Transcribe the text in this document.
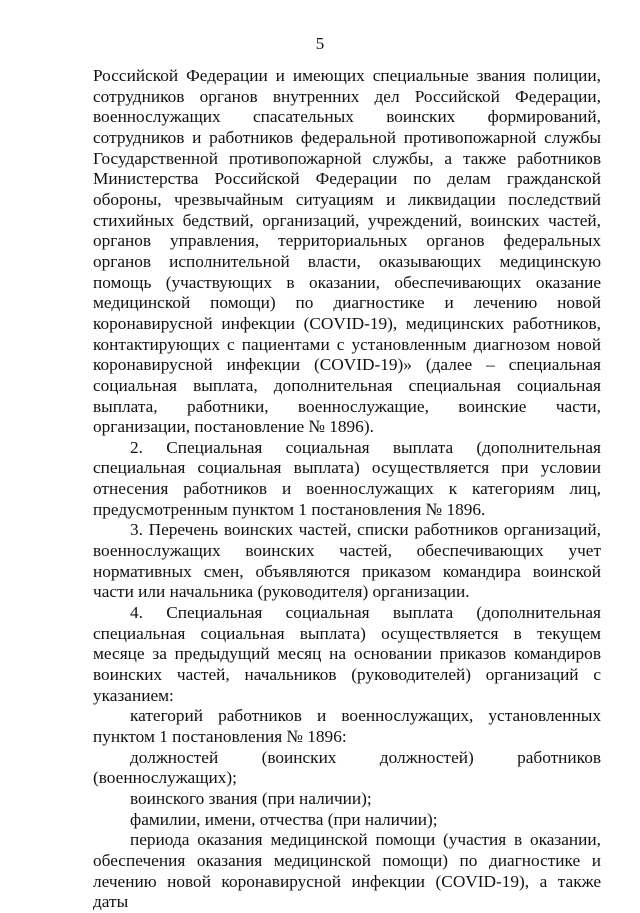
5

Российской Федерации и имеющих специальные звания полиции, сотрудников органов внутренних дел Российской Федерации, военнослужащих спасательных воинских формирований, сотрудников и работников федеральной противопожарной службы Государственной противопожарной службы, а также работников Министерства Российской Федерации по делам гражданской обороны, чрезвычайным ситуациям и ликвидации последствий стихийных бедствий, организаций, учреждений, воинских частей, органов управления, территориальных органов федеральных органов исполнительной власти, оказывающих медицинскую помощь (участвующих в оказании, обеспечивающих оказание медицинской помощи) по диагностике и лечению новой коронавирусной инфекции (COVID-19), медицинских работников, контактирующих с пациентами с установленным диагнозом новой коронавирусной инфекции (COVID-19)» (далее – специальная социальная выплата, дополнительная специальная социальная выплата, работники, военнослужащие, воинские части, организации, постановление № 1896).

2. Специальная социальная выплата (дополнительная специальная социальная выплата) осуществляется при условии отнесения работников и военнослужащих к категориям лиц, предусмотренным пунктом 1 постановления № 1896.

3. Перечень воинских частей, списки работников организаций, военнослужащих воинских частей, обеспечивающих учет нормативных смен, объявляются приказом командира воинской части или начальника (руководителя) организации.

4. Специальная социальная выплата (дополнительная специальная социальная выплата) осуществляется в текущем месяце за предыдущий месяц на основании приказов командиров воинских частей, начальников (руководителей) организаций с указанием:

категорий работников и военнослужащих, установленных пунктом 1 постановления № 1896:

должностей (воинских должностей) работников (военнослужащих);

воинского звания (при наличии);

фамилии, имени, отчества (при наличии);

периода оказания медицинской помощи (участия в оказании, обеспечения оказания медицинской помощи) по диагностике и лечению новой коронавирусной инфекции (COVID-19), а также даты
